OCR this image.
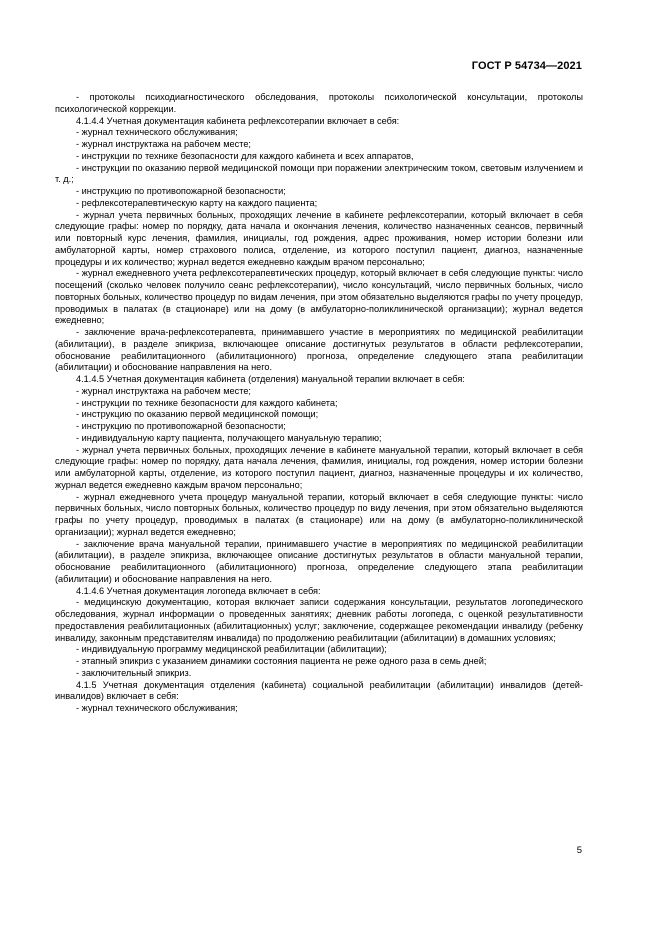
ГОСТ Р 54734—2021

- протоколы психодиагностического обследования, протоколы психологической консультации, протоколы психологической коррекции.

4.1.4.4 Учетная документация кабинета рефлексотерапии включает в себя:

- журнал технического обслуживания;

- журнал инструктажа на рабочем месте;

- инструкции по технике безопасности для каждого кабинета и всех аппаратов,

- инструкции по оказанию первой медицинской помощи при поражении электрическим током, световым излучением и т. д.;

- инструкцию по противопожарной безопасности;

- рефлексотерапевтическую карту на каждого пациента;

- журнал учета первичных больных, проходящих лечение в кабинете рефлексотерапии, который включает в себя следующие графы: номер по порядку, дата начала и окончания лечения, количество назначенных сеансов, первичный или повторный курс лечения, фамилия, инициалы, год рождения, адрес проживания, номер истории болезни или амбулаторной карты, номер страхового полиса, отделение, из которого поступил пациент, диагноз, назначенные процедуры и их количество; журнал ведется ежедневно каждым врачом персонально;

- журнал ежедневного учета рефлексотерапевтических процедур, который включает в себя следующие пункты: число посещений (сколько человек получило сеанс рефлексотерапии), число консультаций, число первичных больных, число повторных больных, количество процедур по видам лечения, при этом обязательно выделяются графы по учету процедур, проводимых в палатах (в стационаре) или на дому (в амбулаторно-поликлинической организации); журнал ведется ежедневно;

- заключение врача-рефлексотерапевта, принимавшего участие в мероприятиях по медицинской реабилитации (абилитации), в разделе эпикриза, включающее описание достигнутых результатов в области рефлексотерапии, обоснование реабилитационного (абилитационного) прогноза, определение следующего этапа реабилитации (абилитации) и обоснование направления на него.

4.1.4.5 Учетная документация кабинета (отделения) мануальной терапии включает в себя:

- журнал инструктажа на рабочем месте;

- инструкции по технике безопасности для каждого кабинета;

- инструкцию по оказанию первой медицинской помощи;

- инструкцию по противопожарной безопасности;

- индивидуальную карту пациента, получающего мануальную терапию;

- журнал учета первичных больных, проходящих лечение в кабинете мануальной терапии, который включает в себя следующие графы: номер по порядку, дата начала лечения, фамилия, инициалы, год рождения, номер истории болезни или амбулаторной карты, отделение, из которого поступил пациент, диагноз, назначенные процедуры и их количество, журнал ведется ежедневно каждым врачом персонально;

- журнал ежедневного учета процедур мануальной терапии, который включает в себя следующие пункты: число первичных больных, число повторных больных, количество процедур по виду лечения, при этом обязательно выделяются графы по учету процедур, проводимых в палатах (в стационаре) или на дому (в амбулаторно-поликлинической организации); журнал ведется ежедневно;

- заключение врача мануальной терапии, принимавшего участие в мероприятиях по медицинской реабилитации (абилитации), в разделе эпикриза, включающее описание достигнутых результатов в области мануальной терапии, обоснование реабилитационного (абилитационного) прогноза, определение следующего этапа реабилитации (абилитации) и обоснование направления на него.

4.1.4.6 Учетная документация логопеда включает в себя:

- медицинскую документацию, которая включает записи содержания консультации, результатов логопедического обследования, журнал информации о проведенных занятиях; дневник работы логопеда, с оценкой результативности предоставления реабилитационных (абилитационных) услуг; заключение, содержащее рекомендации инвалиду (ребенку инвалиду, законным представителям инвалида) по продолжению реабилитации (абилитации) в домашних условиях;

- индивидуальную программу медицинской реабилитации (абилитации);

- этапный эпикриз с указанием динамики состояния пациента не реже одного раза в семь дней;

- заключительный эпикриз.

4.1.5 Учетная документация отделения (кабинета) социальной реабилитации (абилитации) инвалидов (детей-инвалидов) включает в себя:

- журнал технического обслуживания;

5
